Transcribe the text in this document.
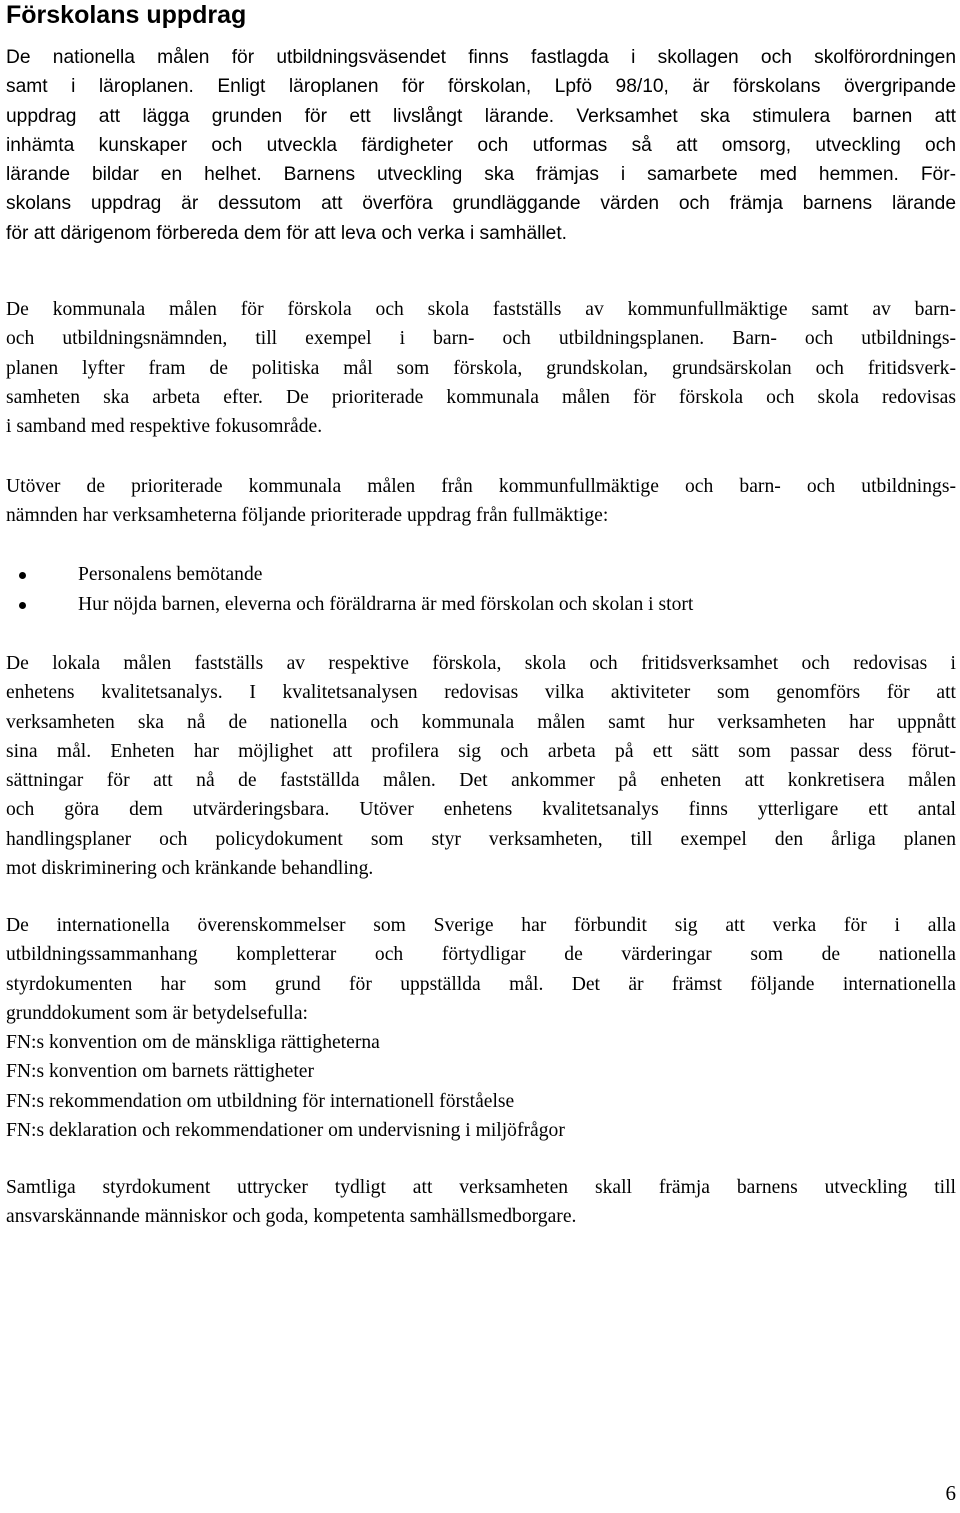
Förskolans uppdrag
De nationella målen för utbildningsväsendet finns fastlagda i skollagen och skolförordningen
samt i läroplanen. Enligt läroplanen för förskolan, Lpfö 98/10, är förskolans övergripande
uppdrag att lägga grunden för ett livslångt lärande. Verksamhet ska stimulera barnen att
inhämta kunskaper och utveckla färdigheter och utformas så att omsorg, utveckling och
lärande bildar en helhet. Barnens utveckling ska främjas i samarbete med hemmen. För-
skolans uppdrag är dessutom att överföra grundläggande värden och främja barnens lärande
för att därigenom förbereda dem för att leva och verka i samhället.
De kommunala målen för förskola och skola fastställs av kommunfullmäktige samt av barn-
och utbildningsnämnden, till exempel i barn- och utbildningsplanen. Barn- och utbildnings-
planen lyfter fram de politiska mål som förskola, grundskolan, grundsärskolan och fritidsverk-
samheten ska arbeta efter. De prioriterade kommunala målen för förskola och skola redovisas
i samband med respektive fokusområde.
Utöver de prioriterade kommunala målen från kommunfullmäktige och barn- och utbildnings-
nämnden har verksamheterna följande prioriterade uppdrag från fullmäktige:
Personalens bemötande
Hur nöjda barnen, eleverna och föräldrarna är med förskolan och skolan i stort
De lokala målen fastställs av respektive förskola, skola och fritidsverksamhet och redovisas i
enhetens kvalitetsanalys. I kvalitetsanalysen redovisas vilka aktiviteter som genomförs för att
verksamheten ska nå de nationella och kommunala målen samt hur verksamheten har uppnått
sina mål. Enheten har möjlighet att profilera sig och arbeta på ett sätt som passar dess förut-
sättningar för att nå de fastställda målen. Det ankommer på enheten att konkretisera målen
och göra dem utvärderingsbara. Utöver enhetens kvalitetsanalys finns ytterligare ett antal
handlingsplaner och policydokument som styr verksamheten, till exempel den årliga planen
mot diskriminering och kränkande behandling.
De internationella överenskommelser som Sverige har förbundit sig att verka för i alla
utbildningssammanhang kompletterar och förtydligar de värderingar som de nationella
styrdokumenten har som grund för uppställda mål. Det är främst följande internationella
grunddokument som är betydelsefulla:
FN:s konvention om de mänskliga rättigheterna
FN:s konvention om barnets rättigheter
FN:s rekommendation om utbildning för internationell förståelse
FN:s deklaration och rekommendationer om undervisning i miljöfrågor
Samtliga styrdokument uttrycker tydligt att verksamheten skall främja barnens utveckling till
ansvarskännande människor och goda, kompetenta samhällsmedborgare.
6
